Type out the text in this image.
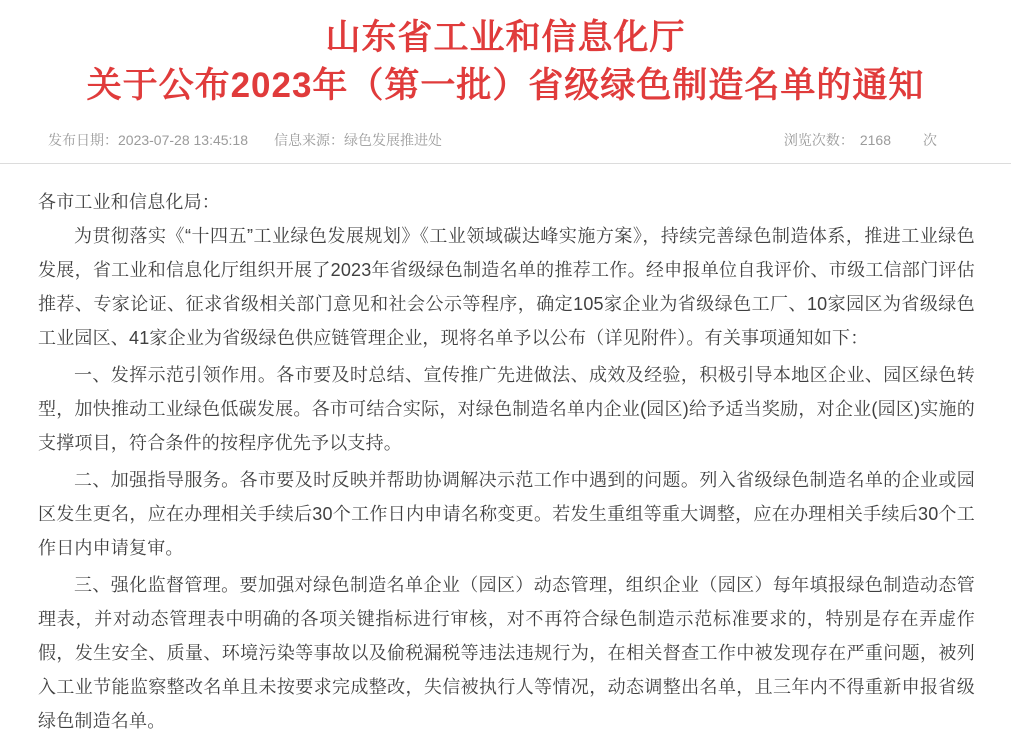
山东省工业和信息化厅
关于公布2023年（第一批）省级绿色制造名单的通知
发布日期： 2023-07-28 13:45:18 信息来源： 绿色发展推进处	浏览次数： 2168 次

各市工业和信息化局：

为贯彻落实《“十四五”工业绿色发展规划》《工业领域碳达峰实施方案》，持续完善绿色制造体系，推进工业绿色发展，省工业和信息化厅组织开展了2023年省级绿色制造名单的推荐工作。经申报单位自我评价、市级工信部门评估推荐、专家论证、征求省级相关部门意见和社会公示等程序，确定105家企业为省级绿色工厂、10家园区为省级绿色工业园区、41家企业为省级绿色供应链管理企业，现将名单予以公布（详见附件）。有关事项通知如下：

一、发挥示范引领作用。各市要及时总结、宣传推广先进做法、成效及经验，积极引导本地区企业、园区绿色转型，加快推动工业绿色低碳发展。各市可结合实际，对绿色制造名单内企业(园区)给予适当奖励，对企业(园区)实施的支撑项目，符合条件的按程序优先予以支持。

二、加强指导服务。各市要及时反映并帮助协调解决示范工作中遇到的问题。列入省级绿色制造名单的企业或园区发生更名，应在办理相关手续后30个工作日内申请名称变更。若发生重组等重大调整，应在办理相关手续后30个工作日内申请复审。

三、强化监督管理。要加强对绿色制造名单企业（园区）动态管理，组织企业（园区）每年填报绿色制造动态管理表，并对动态管理表中明确的各项关键指标进行审核，对不再符合绿色制造示范标准要求的，特别是存在弄虚作假，发生安全、质量、环境污染等事故以及偷税漏税等违法违规行为，在相关督查工作中被发现存在严重问题，被列入工业节能监察整改名单且未按要求完成整改，失信被执行人等情况，动态调整出名单，且三年内不得重新申报省级绿色制造名单。
